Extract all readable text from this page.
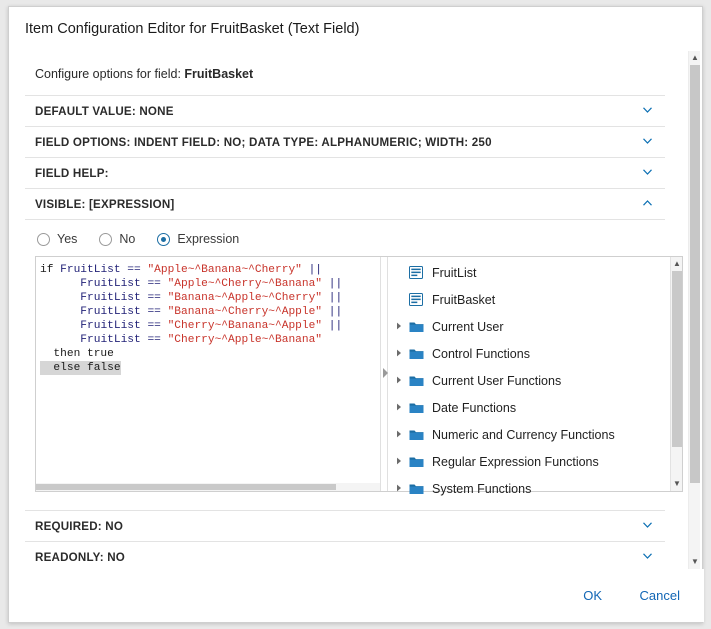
Item Configuration Editor for FruitBasket (Text Field)
Configure options for field: FruitBasket
DEFAULT VALUE: NONE
FIELD OPTIONS: INDENT FIELD: NO; DATA TYPE: ALPHANUMERIC; WIDTH: 250
FIELD HELP:
VISIBLE: [EXPRESSION]
Yes	No	Expression
if FruitList == "Apple~^Banana~^Cherry" ||
FruitList == "Apple~^Cherry~^Banana" ||
FruitList == "Banana~^Apple~^Cherry" ||
FruitList == "Banana~^Cherry~^Apple" ||
FruitList == "Cherry~^Banana~^Apple" ||
FruitList == "Cherry~^Apple~^Banana"
then true
else false
FruitList
FruitBasket
Current User
Control Functions
Current User Functions
Date Functions
Numeric and Currency Functions
Regular Expression Functions
System Functions
▲
▼
REQUIRED: NO
READONLY: NO
▲
▼
OK	Cancel
